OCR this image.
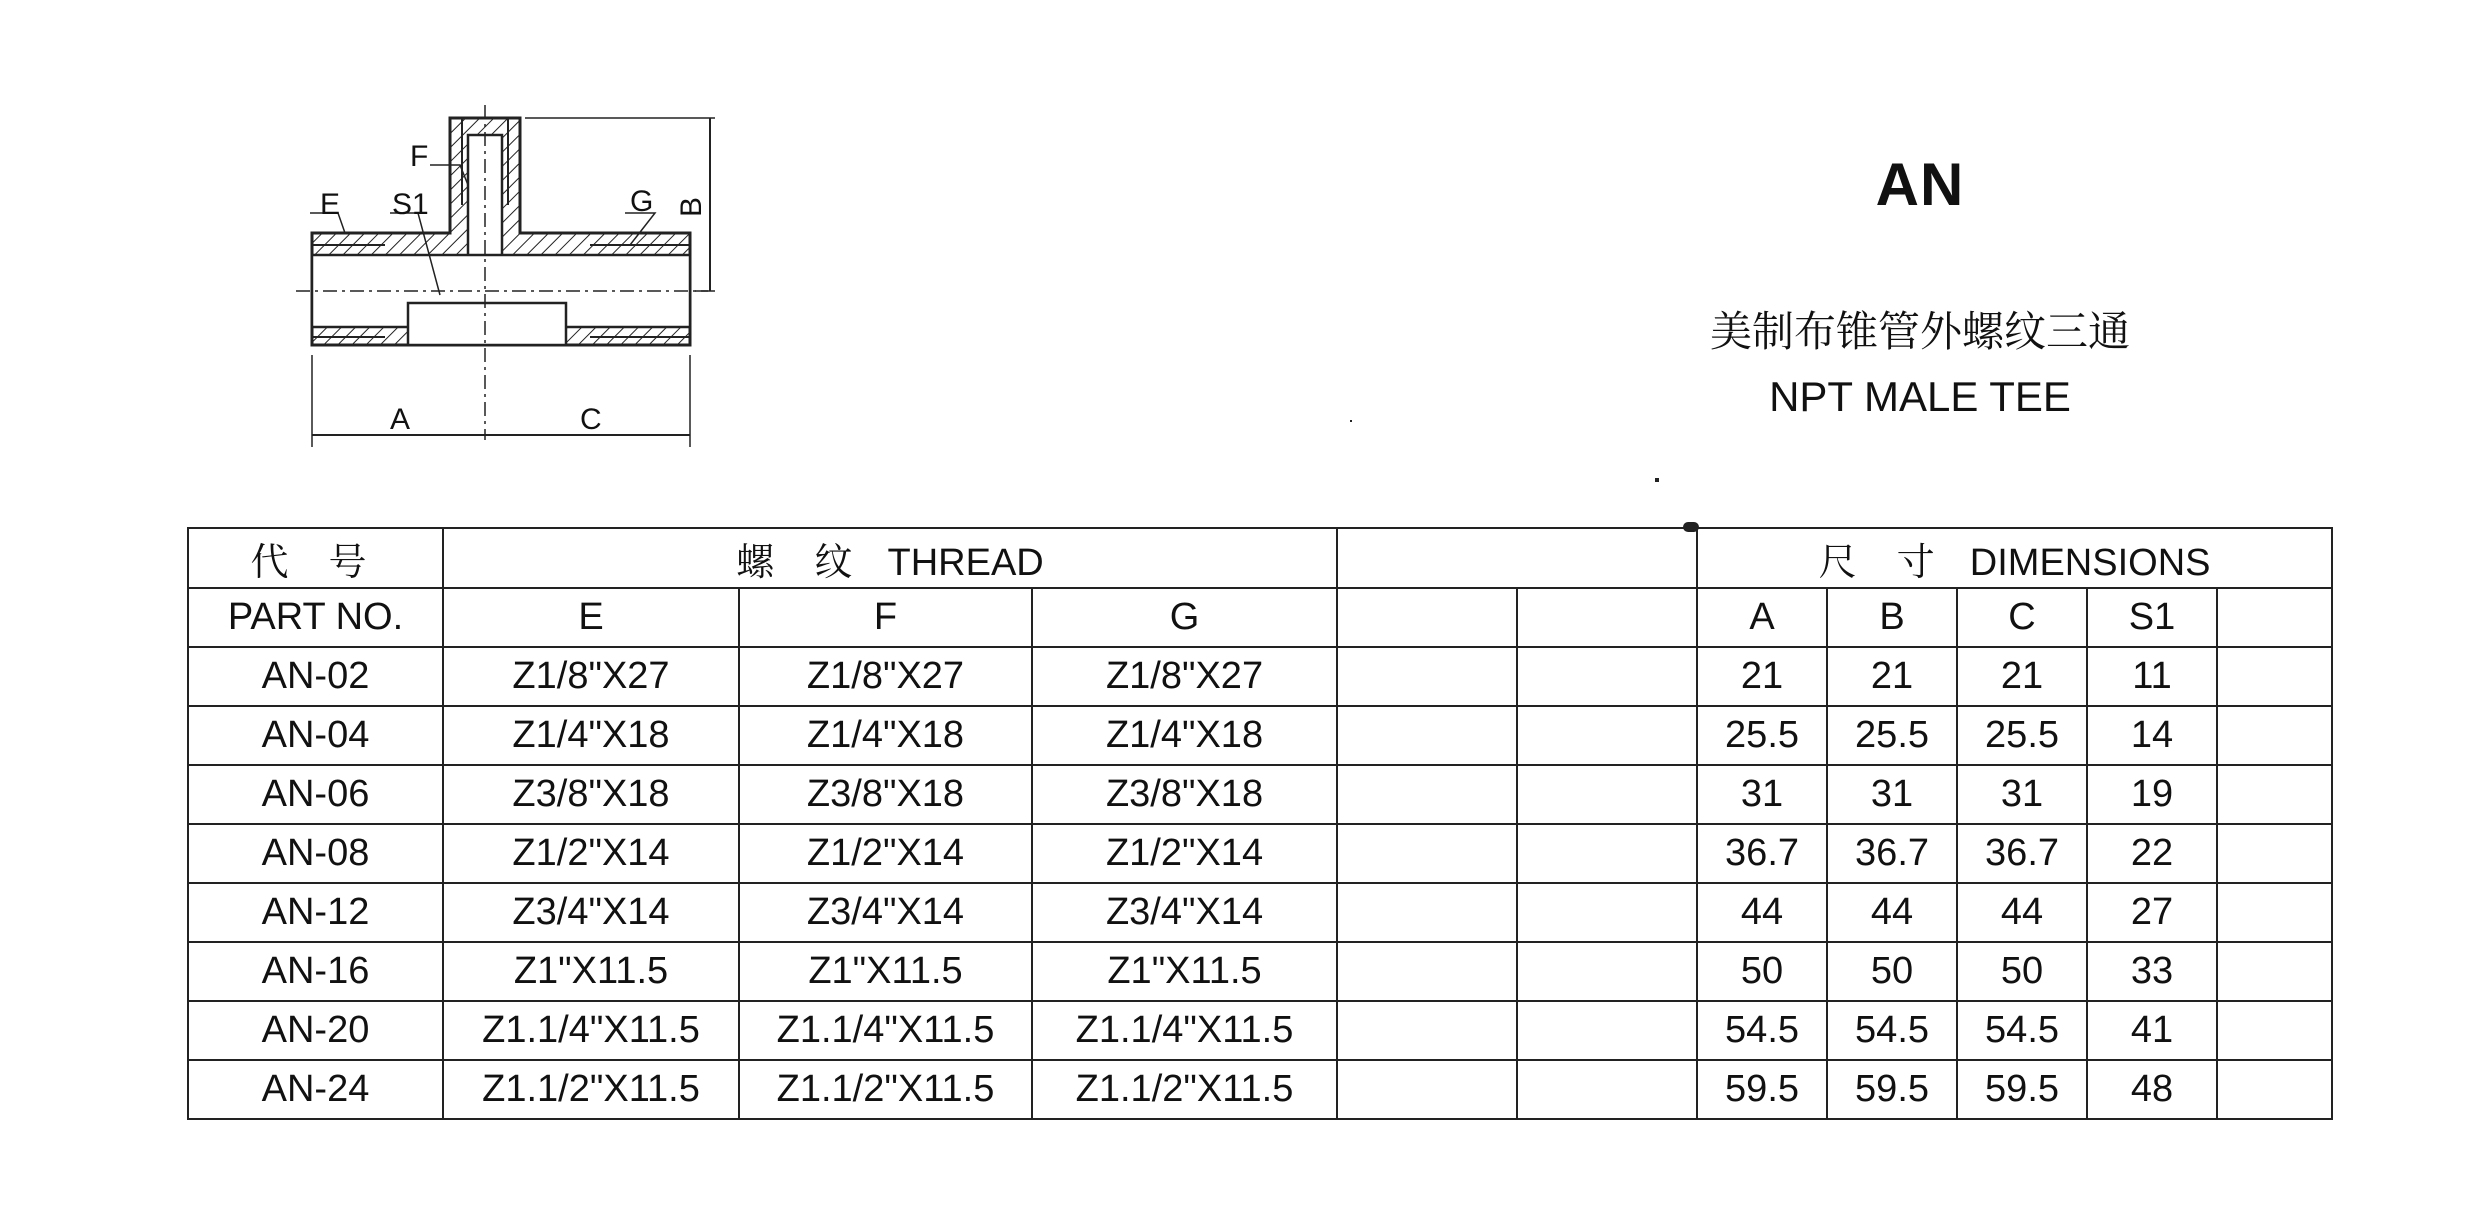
F
E S1	G B
A	C
AN
美制布锥管外螺纹三通
NPT MALE TEE
代 号	螺 纹 THREAD					尺 寸 DIMENSIONS				
PART NO.	E	F	G			A	B	C	S1	
AN-02	Z1/8"X27	Z1/8"X27	Z1/8"X27			21	21	21	11	
AN-04	Z1/4"X18	Z1/4"X18	Z1/4"X18			25.5	25.5	25.5	14	
AN-06	Z3/8"X18	Z3/8"X18	Z3/8"X18			31	31	31	19	
AN-08	Z1/2"X14	Z1/2"X14	Z1/2"X14			36.7	36.7	36.7	22	
AN-12	Z3/4"X14	Z3/4"X14	Z3/4"X14			44	44	44	27	
AN-16	Z1"X11.5	Z1"X11.5	Z1"X11.5			50	50	50	33	
AN-20	Z1.1/4"X11.5	Z1.1/4"X11.5	Z1.1/4"X11.5			54.5	54.5	54.5	41	
AN-24	Z1.1/2"X11.5	Z1.1/2"X11.5	Z1.1/2"X11.5			59.5	59.5	59.5	48	
